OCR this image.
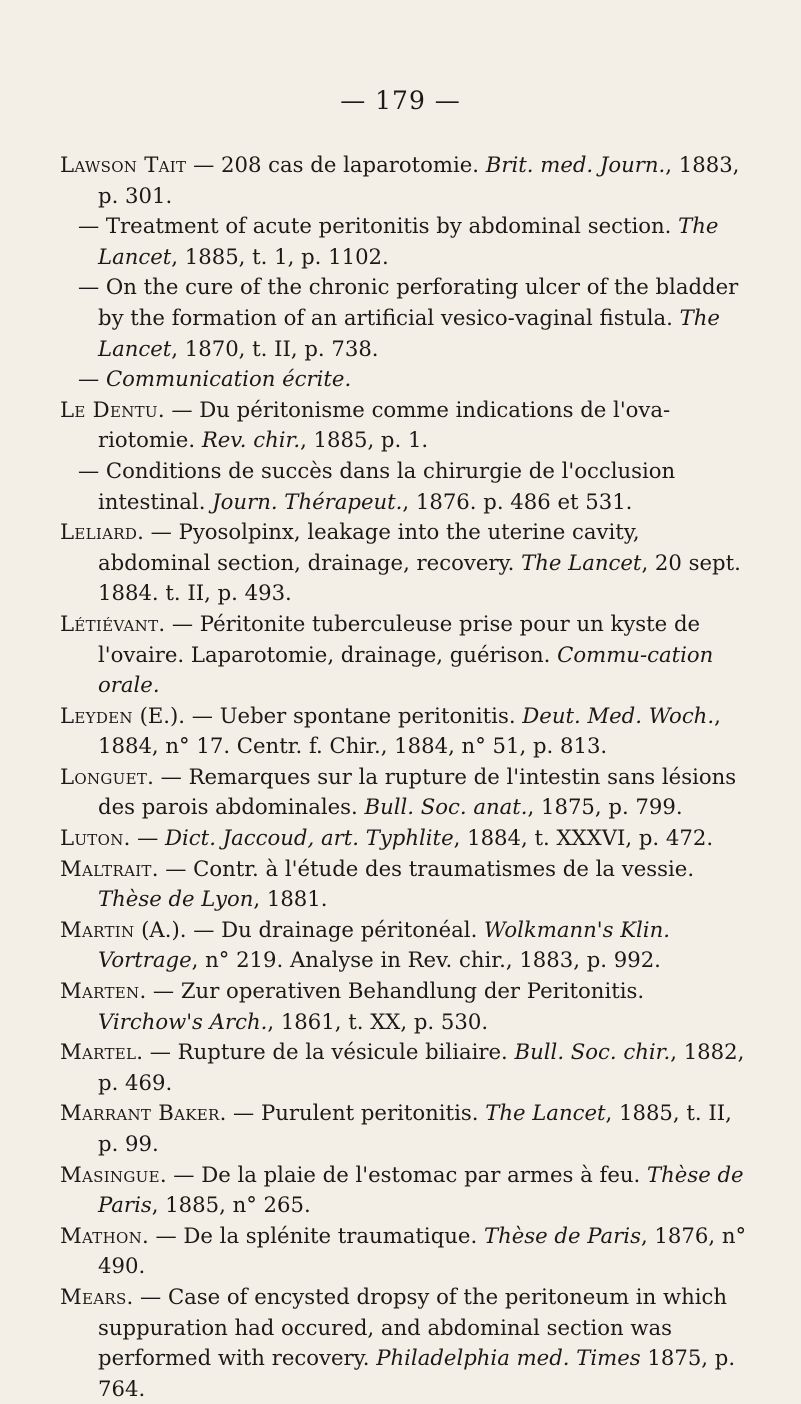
— 179 —

Lawson Tait — 208 cas de laparotomie. Brit. med. Journ., 1883, p. 301.

— Treatment of acute peritonitis by abdominal section. The Lancet, 1885, t. 1, p. 1102.

— On the cure of the chronic perforating ulcer of the bladder by the formation of an artificial vesico-vaginal fistula. The Lancet, 1870, t. II, p. 738.

— Communication écrite.

Le Dentu. — Du péritonisme comme indications de l'ova-riotomie. Rev. chir., 1885, p. 1.

— Conditions de succès dans la chirurgie de l'occlusion intestinal. Journ. Thérapeut., 1876. p. 486 et 531.

Leliard. — Pyosolpinx, leakage into the uterine cavity, abdominal section, drainage, recovery. The Lancet, 20 sept. 1884. t. II, p. 493.

Létiévant. — Péritonite tuberculeuse prise pour un kyste de l'ovaire. Laparotomie, drainage, guérison. Commu-cation orale.

Leyden (E.). — Ueber spontane peritonitis. Deut. Med. Woch., 1884, n° 17. Centr. f. Chir., 1884, n° 51, p. 813.

Longuet. — Remarques sur la rupture de l'intestin sans lésions des parois abdominales. Bull. Soc. anat., 1875, p. 799.

Luton. — Dict. Jaccoud, art. Typhlite, 1884, t. XXXVI, p. 472.

Maltrait. — Contr. à l'étude des traumatismes de la vessie. Thèse de Lyon, 1881.

Martin (A.). — Du drainage péritonéal. Wolkmann's Klin. Vortrage, n° 219. Analyse in Rev. chir., 1883, p. 992.

Marten. — Zur operativen Behandlung der Peritonitis. Virchow's Arch., 1861, t. XX, p. 530.

Martel. — Rupture de la vésicule biliaire. Bull. Soc. chir., 1882, p. 469.

Marrant Baker. — Purulent peritonitis. The Lancet, 1885, t. II, p. 99.

Masingue. — De la plaie de l'estomac par armes à feu. Thèse de Paris, 1885, n° 265.

Mathon. — De la splénite traumatique. Thèse de Paris, 1876, n° 490.

Mears. — Case of encysted dropsy of the peritoneum in which suppuration had occured, and abdominal section was performed with recovery. Philadelphia med. Times 1875, p. 764.
